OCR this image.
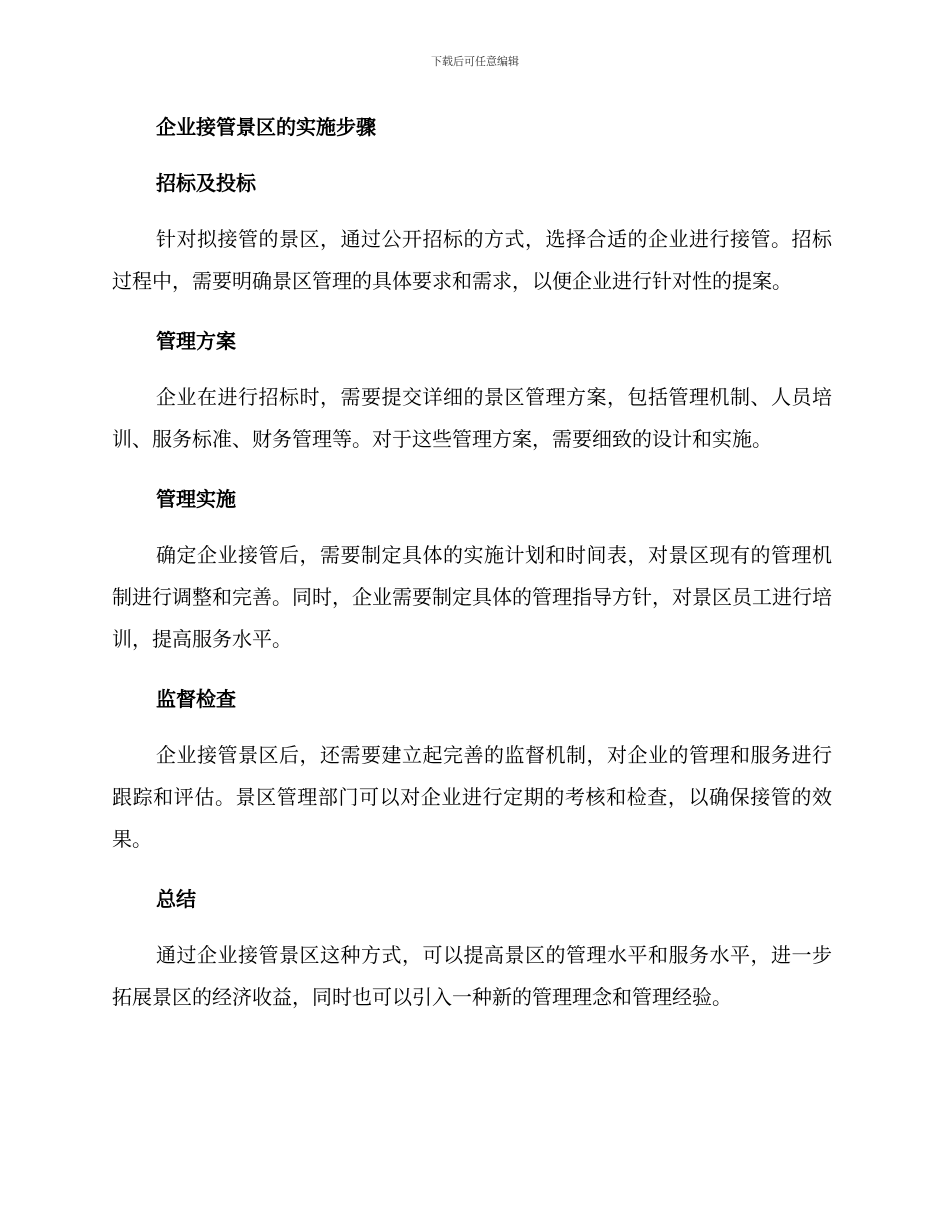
下载后可任意编辑
企业接管景区的实施步骤
招标及投标

针对拟接管的景区，通过公开招标的方式，选择合适的企业进行接管。招标过程中，需要明确景区管理的具体要求和需求，以便企业进行针对性的提案。

管理方案

企业在进行招标时，需要提交详细的景区管理方案，包括管理机制、人员培训、服务标准、财务管理等。对于这些管理方案，需要细致的设计和实施。

管理实施

确定企业接管后，需要制定具体的实施计划和时间表，对景区现有的管理机制进行调整和完善。同时，企业需要制定具体的管理指导方针，对景区员工进行培训，提高服务水平。

监督检查

企业接管景区后，还需要建立起完善的监督机制，对企业的管理和服务进行跟踪和评估。景区管理部门可以对企业进行定期的考核和检查，以确保接管的效果。

总结

通过企业接管景区这种方式，可以提高景区的管理水平和服务水平，进一步拓展景区的经济收益，同时也可以引入一种新的管理理念和管理经验。
